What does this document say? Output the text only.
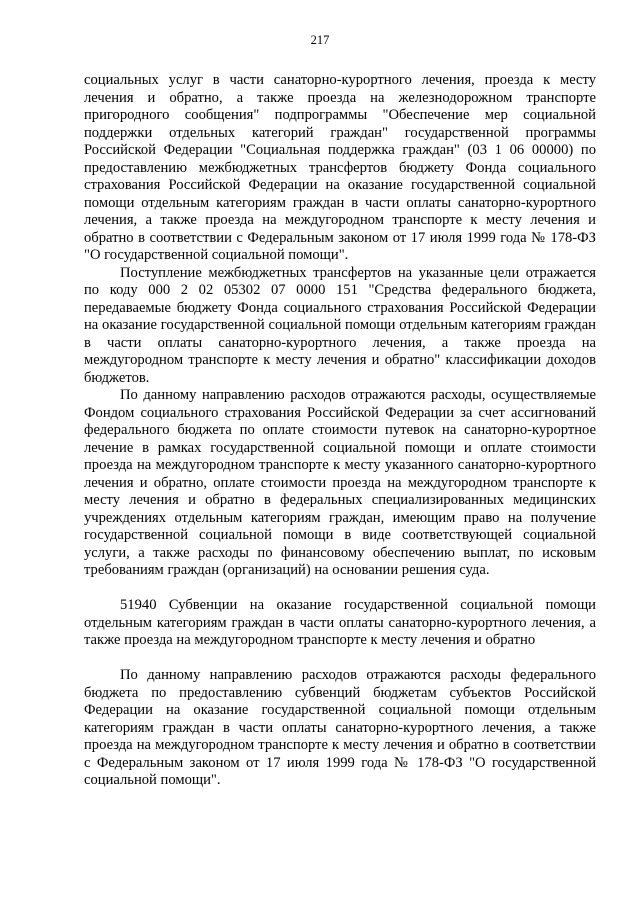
217

социальных услуг в части санаторно-курортного лечения, проезда к месту лечения и обратно, а также проезда на железнодорожном транспорте пригородного сообщения" подпрограммы "Обеспечение мер социальной поддержки отдельных категорий граждан" государственной программы Российской Федерации "Социальная поддержка граждан" (03 1 06 00000) по предоставлению межбюджетных трансфертов бюджету Фонда социального страхования Российской Федерации на оказание государственной социальной помощи отдельным категориям граждан в части оплаты санаторно-курортного лечения, а также проезда на междугородном транспорте к месту лечения и обратно в соответствии с Федеральным законом от 17 июля 1999 года № 178-ФЗ "О государственной социальной помощи".

Поступление межбюджетных трансфертов на указанные цели отражается по коду 000 2 02 05302 07 0000 151 "Средства федерального бюджета, передаваемые бюджету Фонда социального страхования Российской Федерации на оказание государственной социальной помощи отдельным категориям граждан в части оплаты санаторно-курортного лечения, а также проезда на междугородном транспорте к месту лечения и обратно" классификации доходов бюджетов.

По данному направлению расходов отражаются расходы, осуществляемые Фондом социального страхования Российской Федерации за счет ассигнований федерального бюджета по оплате стоимости путевок на санаторно-курортное лечение в рамках государственной социальной помощи и оплате стоимости проезда на междугородном транспорте к месту указанного санаторно-курортного лечения и обратно, оплате стоимости проезда на междугородном транспорте к месту лечения и обратно в федеральных специализированных медицинских учреждениях отдельным категориям граждан, имеющим право на получение государственной социальной помощи в виде соответствующей социальной услуги, а также расходы по финансовому обеспечению выплат, по исковым требованиям граждан (организаций) на основании решения суда.

51940 Субвенции на оказание государственной социальной помощи отдельным категориям граждан в части оплаты санаторно-курортного лечения, а также проезда на междугородном транспорте к месту лечения и обратно

По данному направлению расходов отражаются расходы федерального бюджета по предоставлению субвенций бюджетам субъектов Российской Федерации на оказание государственной социальной помощи отдельным категориям граждан в части оплаты санаторно-курортного лечения, а также проезда на междугородном транспорте к месту лечения и обратно в соответствии с Федеральным законом от 17 июля 1999 года № 178-ФЗ "О государственной социальной помощи".
